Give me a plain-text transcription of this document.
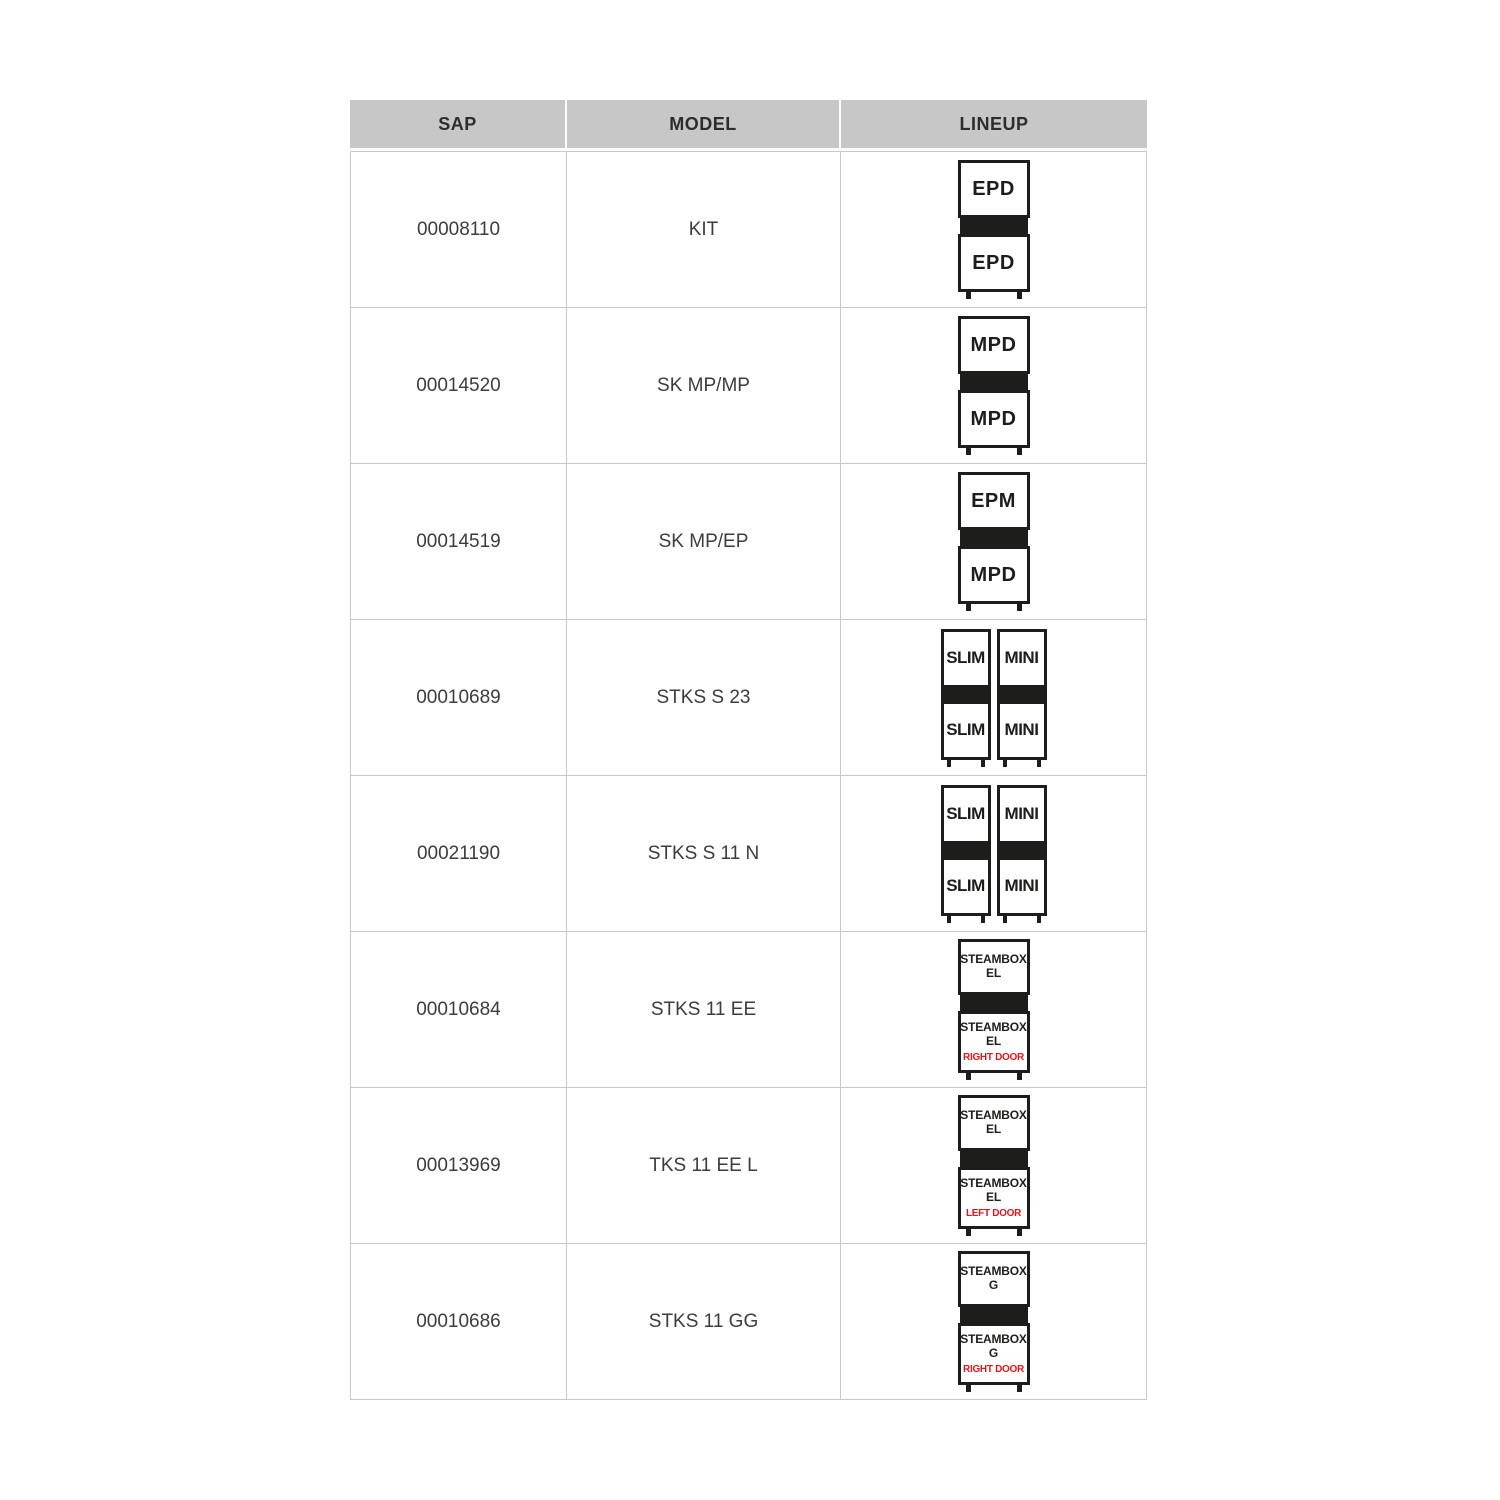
SAP	MODEL	LINEUP
00008110	KIT
EPD
EPD
00014520	SK MP/MP
MPD
MPD
00014519	SK MP/EP
EPM
MPD
00010689	STKS S 23
SLIM
SLIM
MINI
MINI
00021190	STKS S 11 N
SLIM
SLIM
MINI
MINI
00010684	STKS 11 EE
STEAMBOX
EL
STEAMBOX
EL
RIGHT DOOR
00013969	TKS 11 EE L
STEAMBOX
EL
STEAMBOX
EL
LEFT DOOR
00010686	STKS 11 GG
STEAMBOX
G
STEAMBOX
G
RIGHT DOOR
